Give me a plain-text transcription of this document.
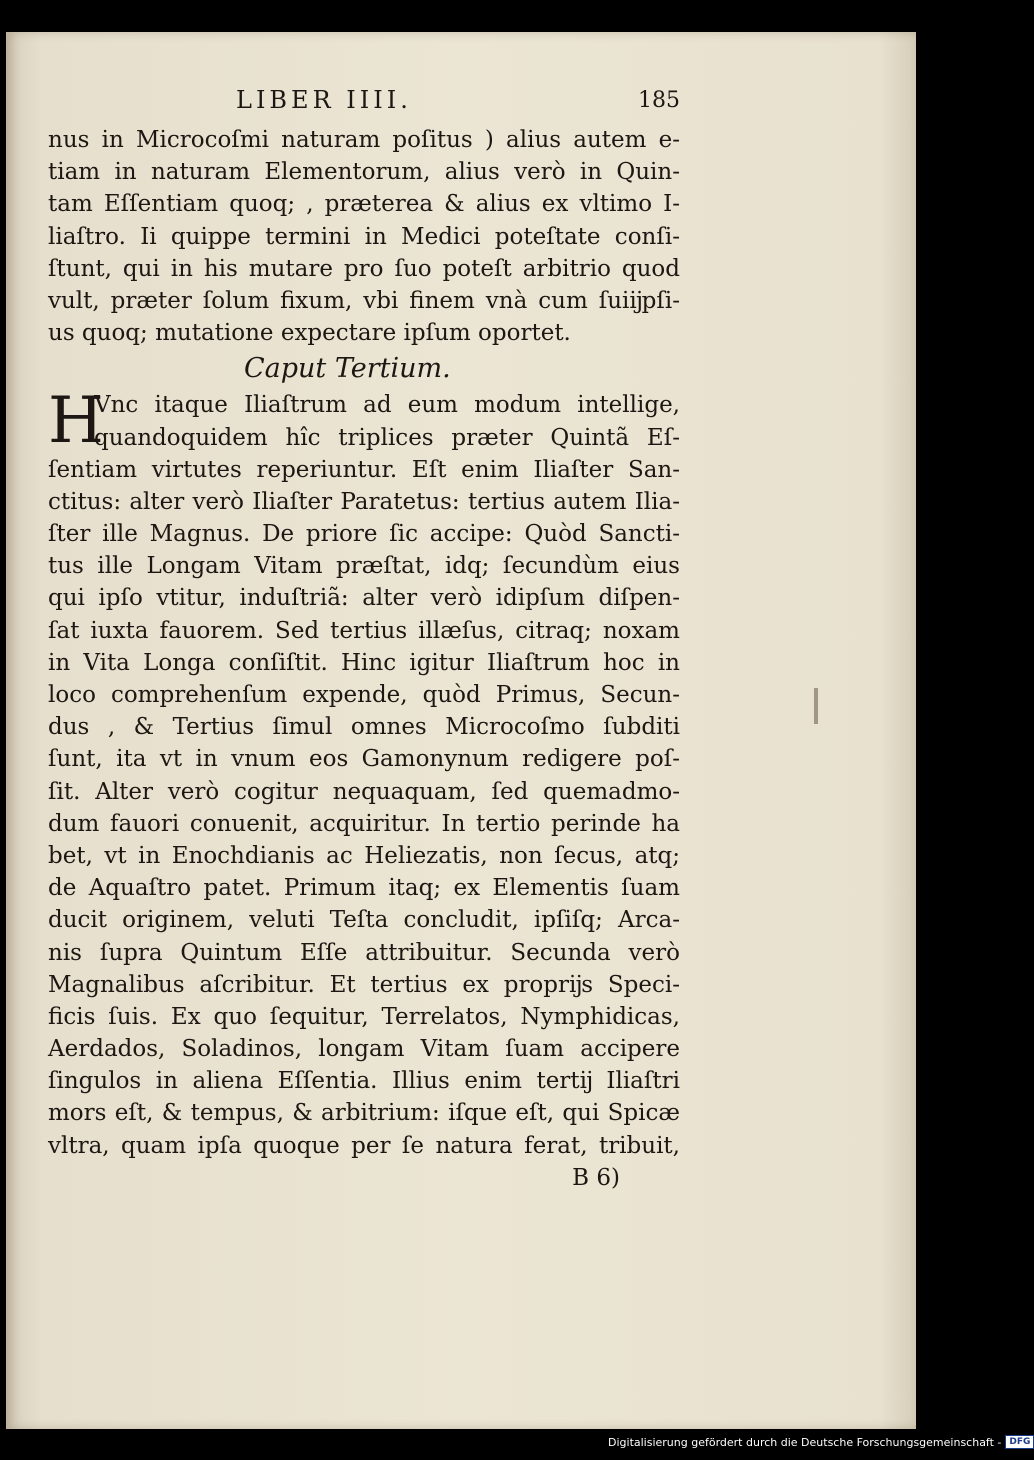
LIBER IIII.	185
nus in Microcoſmi naturam poſitus ) alius autem e-
tiam in naturam Elementorum, alius verò in Quin-
tam Eſſentiam quoq; , præterea & alius ex vltimo I-
liaſtro. Ii quippe termini in Medici poteſtate conſi-
ſtunt, qui in his mutare pro ſuo poteſt arbitrio quod
vult, præter ſolum fixum, vbi finem vnà cum ſuiĳpſi-
us quoq; mutatione expectare ipſum oportet.
Caput Tertium.
H
Vnc itaque Iliaſtrum ad eum modum intellige,
quandoquidem hîc triplices præter Quintã Eſ-
ſentiam virtutes reperiuntur. Eſt enim Iliaſter San-
ctitus: alter verò Iliaſter Paratetus: tertius autem Ilia-
ſter ille Magnus. De priore ſic accipe: Quòd Sancti-
tus ille Longam Vitam præſtat, idq; ſecundùm eius
qui ipſo vtitur, induſtriã: alter verò idipſum diſpen-
ſat iuxta fauorem. Sed tertius illæſus, citraq; noxam
in Vita Longa conſiſtit. Hinc igitur Iliaſtrum hoc in
loco comprehenſum expende, quòd Primus, Secun-
dus , & Tertius ſimul omnes Microcoſmo ſubditi
ſunt, ita vt in vnum eos Gamonynum redigere poſ-
ſit. Alter verò cogitur nequaquam, ſed quemadmo-
dum fauori conuenit, acquiritur. In tertio perinde ha
bet, vt in Enochdianis ac Heliezatis, non ſecus, atq;
de Aquaſtro patet. Primum itaq; ex Elementis ſuam
ducit originem, veluti Teſta concludit, ipſiſq; Arca-
nis ſupra Quintum Eſſe attribuitur. Secunda verò
Magnalibus aſcribitur. Et tertius ex proprĳs Speci-
ficis ſuis. Ex quo ſequitur, Terrelatos, Nymphidicas,
Aerdados, Soladinos, longam Vitam ſuam accipere
ſingulos in aliena Eſſentia. Illius enim tertĳ Iliaſtri
mors eſt, & tempus, & arbitrium: iſque eſt, qui Spicæ
vltra, quam ipſa quoque per ſe natura ferat, tribuit,
B 6)
Digitalisierung gefördert durch die Deutsche Forschungsgemeinschaft - DFG
